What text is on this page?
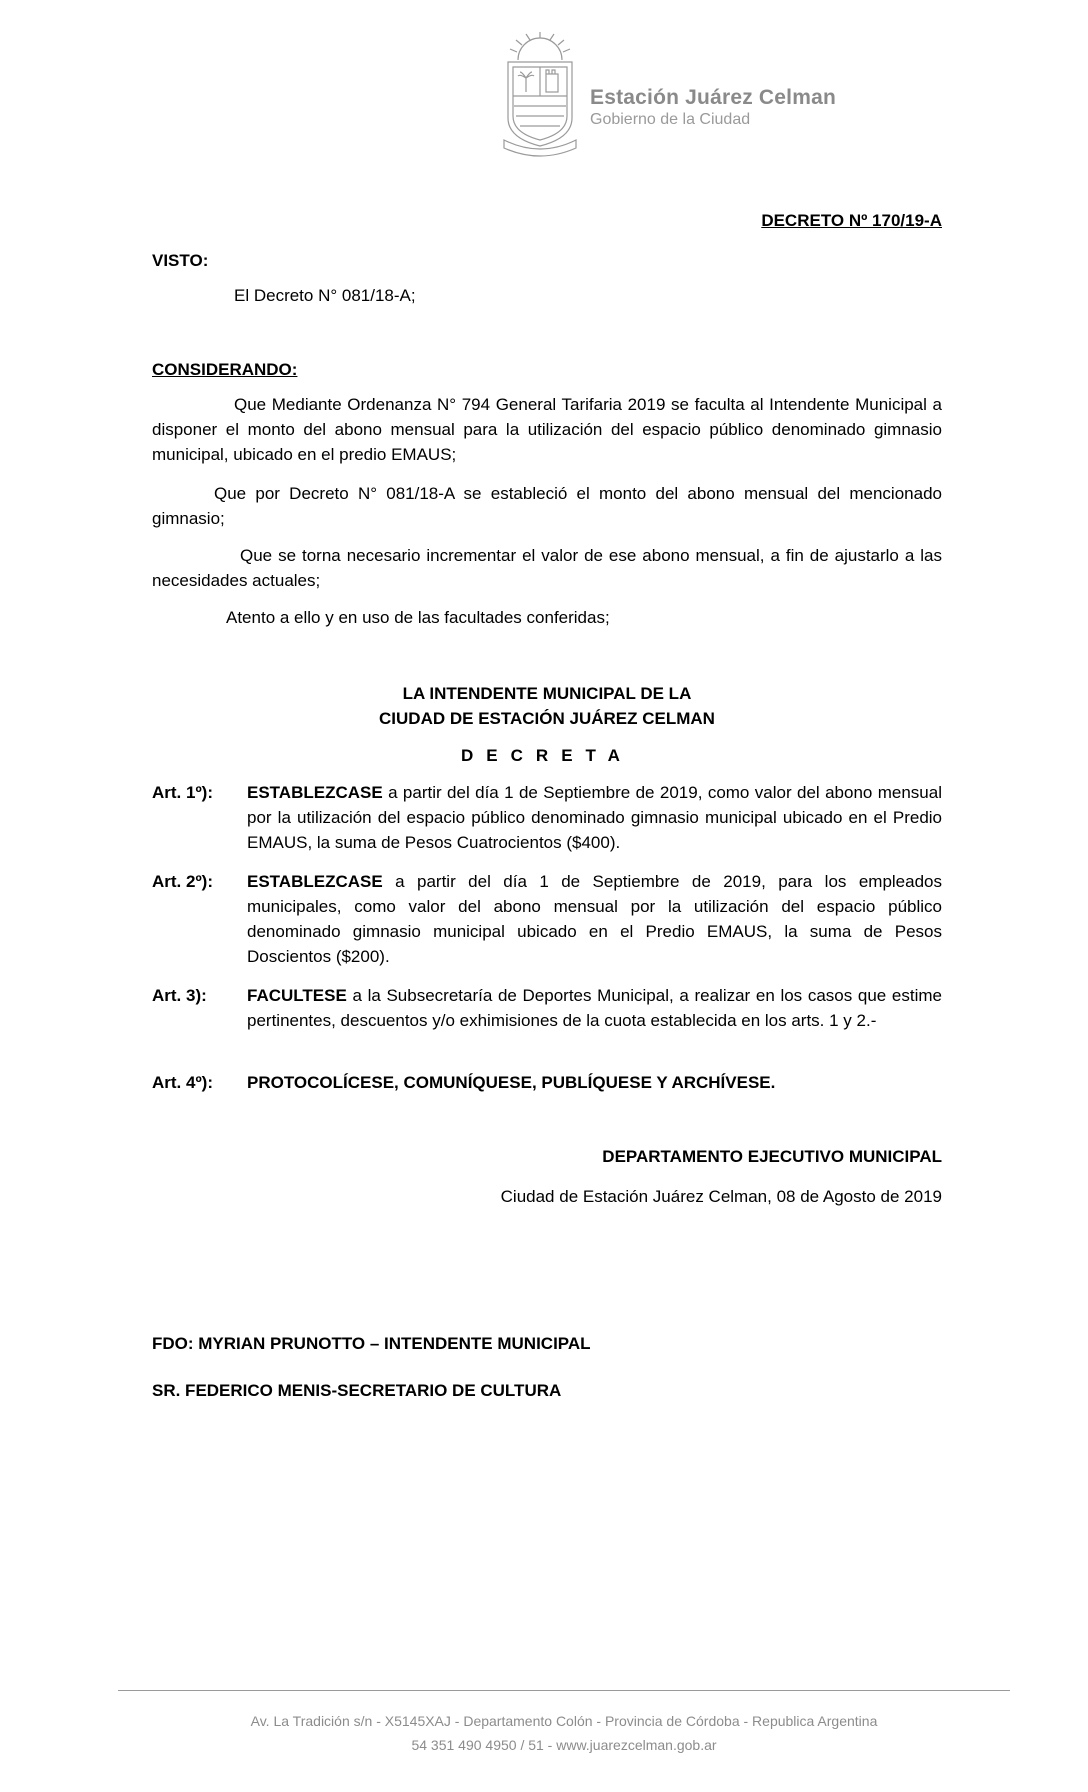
Estación Juárez Celman
Gobierno de la Ciudad
DECRETO Nº 170/19-A
VISTO:
El Decreto N° 081/18-A;
CONSIDERANDO:
Que Mediante Ordenanza N° 794 General Tarifaria 2019 se faculta al Intendente Municipal a disponer el monto del abono mensual para la utilización del espacio público denominado gimnasio municipal, ubicado en el predio EMAUS;
Que por Decreto N° 081/18-A se estableció el monto del abono mensual del mencionado gimnasio;
Que se torna necesario incrementar el valor de ese abono mensual, a fin de ajustarlo a las necesidades actuales;
Atento a ello y en uso de las facultades conferidas;
LA INTENDENTE MUNICIPAL DE LA
CIUDAD DE ESTACIÓN JUÁREZ CELMAN
DECRETA
Art. 1º): ESTABLEZCASE a partir del día 1 de Septiembre de 2019, como valor del abono mensual por la utilización del espacio público denominado gimnasio municipal ubicado en el Predio EMAUS, la suma de Pesos Cuatrocientos ($400).
Art. 2º): ESTABLEZCASE a partir del día 1 de Septiembre de 2019, para los empleados municipales, como valor del abono mensual por la utilización del espacio público denominado gimnasio municipal ubicado en el Predio EMAUS, la suma de Pesos Doscientos ($200).
Art. 3): FACULTESE a la Subsecretaría de Deportes Municipal, a realizar en los casos que estime pertinentes, descuentos y/o exhimisiones de la cuota establecida en los arts. 1 y 2.-
Art. 4º): PROTOCOLÍCESE, COMUNÍQUESE, PUBLÍQUESE Y ARCHÍVESE.
DEPARTAMENTO EJECUTIVO MUNICIPAL
Ciudad de Estación Juárez Celman, 08 de Agosto de 2019
FDO: MYRIAN PRUNOTTO – INTENDENTE MUNICIPAL
SR. FEDERICO MENIS-SECRETARIO DE CULTURA
Av. La Tradición s/n - X5145XAJ - Departamento Colón - Provincia de Córdoba - Republica Argentina
54 351 490 4950 / 51 - www.juarezcelman.gob.ar
